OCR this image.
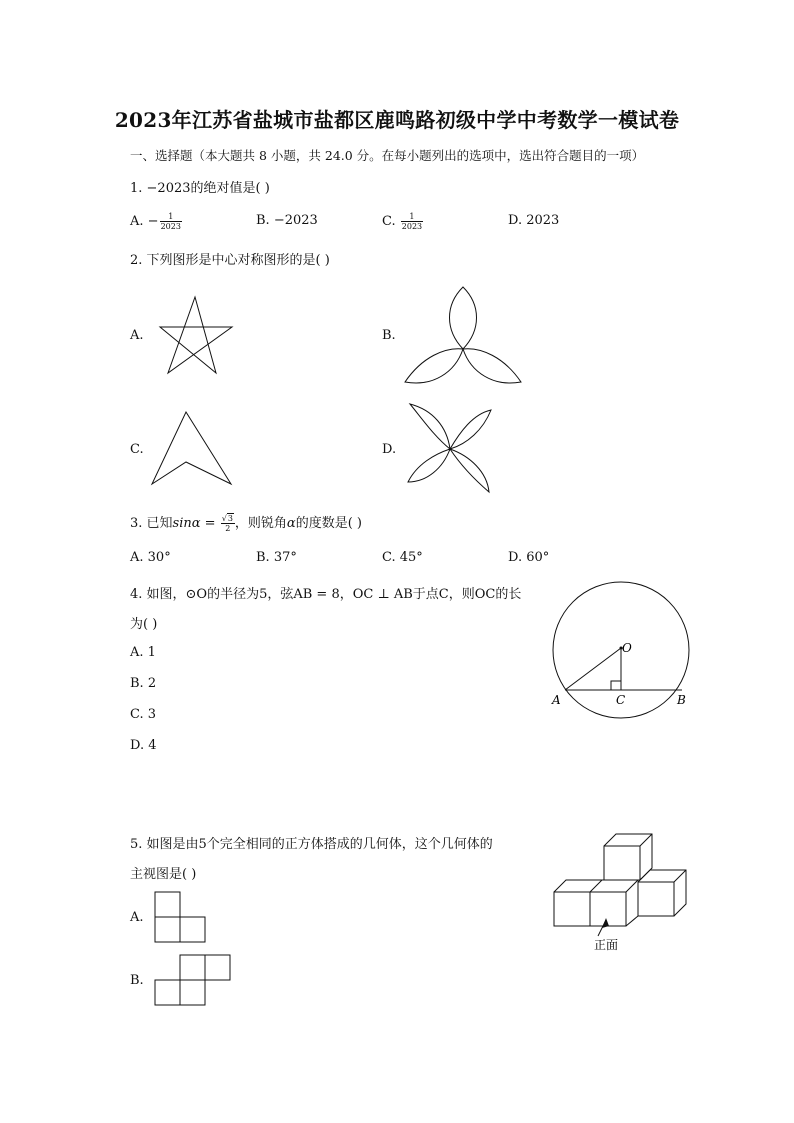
2023年江苏省盐城市盐都区鹿鸣路初级中学中考数学一模试卷
一、选择题（本大题共 8 小题，共 24.0 分。在每小题列出的选项中，选出符合题目的一项）
1. −2023的绝对值是( )
A. − $\frac{1}{2023}$	B. −2023	C. $\frac{1}{2023}$	D. 2023
2. 下列图形是中心对称图形的是( )
A.	B.
C.	D.
3. 已知$\sin\alpha = \frac{√3}{2}$ ，则锐角α的度数是( )
A. 30°	B. 37°	C. 45°	D. 60°
4. 如图，⊙O的半径为5，弦AB = 8，OC ⊥ AB于点C，则OC的长
为( )
A. 1
B. 2
C. 3
D. 4
O
A	C	B
5. 如图是由5个完全相同的正方体搭成的几何体，这个几何体的
主视图是( )
正面
A.
B.
